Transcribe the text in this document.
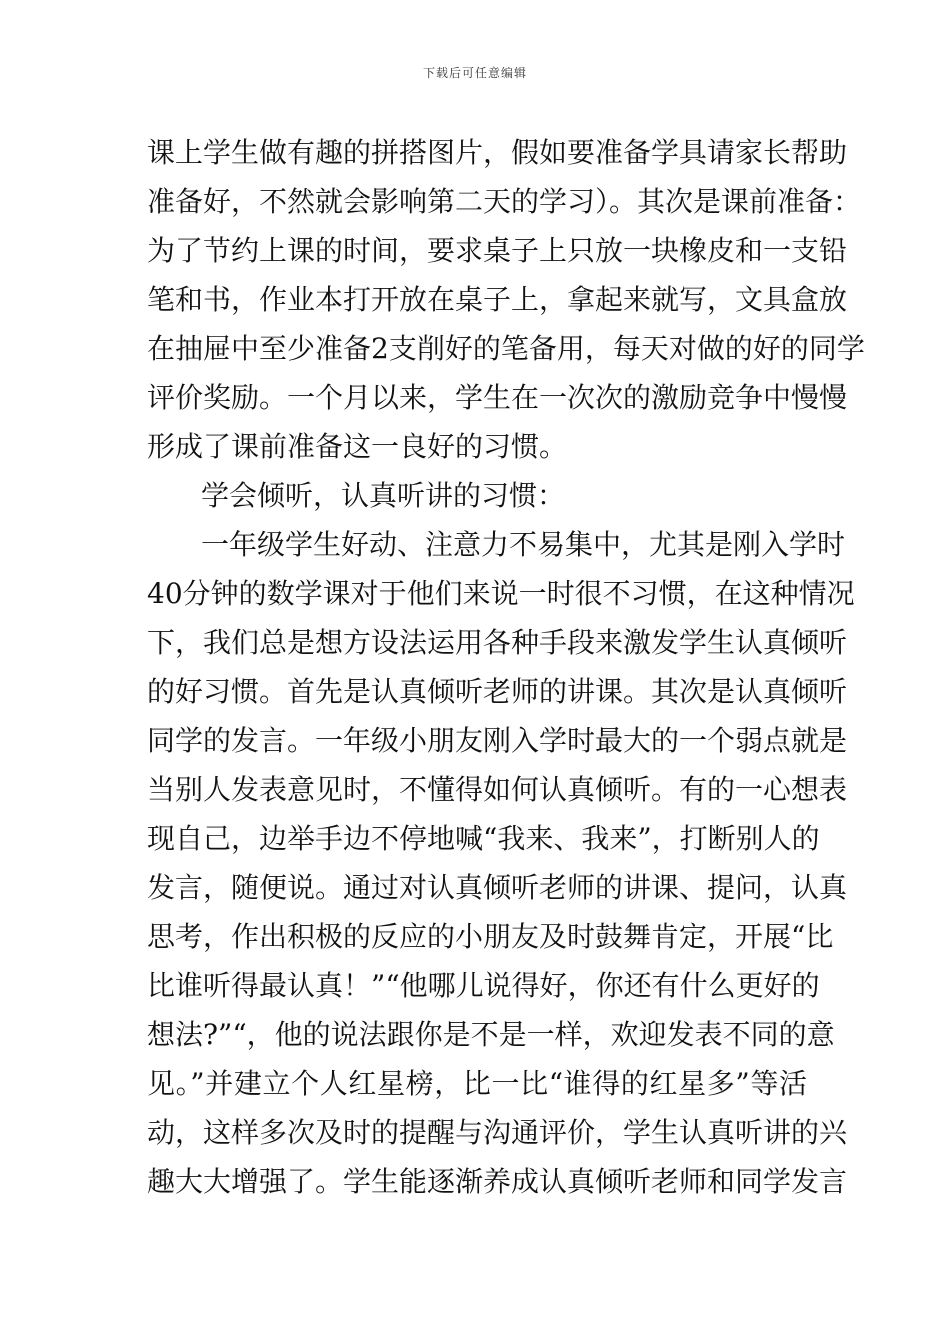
下载后可任意编辑
课上学生做有趣的拼搭图片，假如要准备学具请家长帮助
准备好，不然就会影响第二天的学习）。其次是课前准备：
为了节约上课的时间，要求桌子上只放一块橡皮和一支铅
笔和书，作业本打开放在桌子上，拿起来就写，文具盒放
在抽屉中至少准备2支削好的笔备用，每天对做的好的同学
评价奖励。一个月以来，学生在一次次的激励竞争中慢慢
形成了课前准备这一良好的习惯。
学会倾听，认真听讲的习惯：
一年级学生好动、注意力不易集中，尤其是刚入学时
40分钟的数学课对于他们来说一时很不习惯，在这种情况
下，我们总是想方设法运用各种手段来激发学生认真倾听
的好习惯。首先是认真倾听老师的讲课。其次是认真倾听
同学的发言。一年级小朋友刚入学时最大的一个弱点就是
当别人发表意见时，不懂得如何认真倾听。有的一心想表
现自己，边举手边不停地喊“我来、我来”，打断别人的
发言，随便说。通过对认真倾听老师的讲课、提问，认真
思考，作出积极的反应的小朋友及时鼓舞肯定，开展“比
比谁听得最认真！”“他哪儿说得好，你还有什么更好的
想法?”“，他的说法跟你是不是一样，欢迎发表不同的意
见。”并建立个人红星榜，比一比“谁得的红星多”等活
动，这样多次及时的提醒与沟通评价，学生认真听讲的兴
趣大大增强了。学生能逐渐养成认真倾听老师和同学发言
